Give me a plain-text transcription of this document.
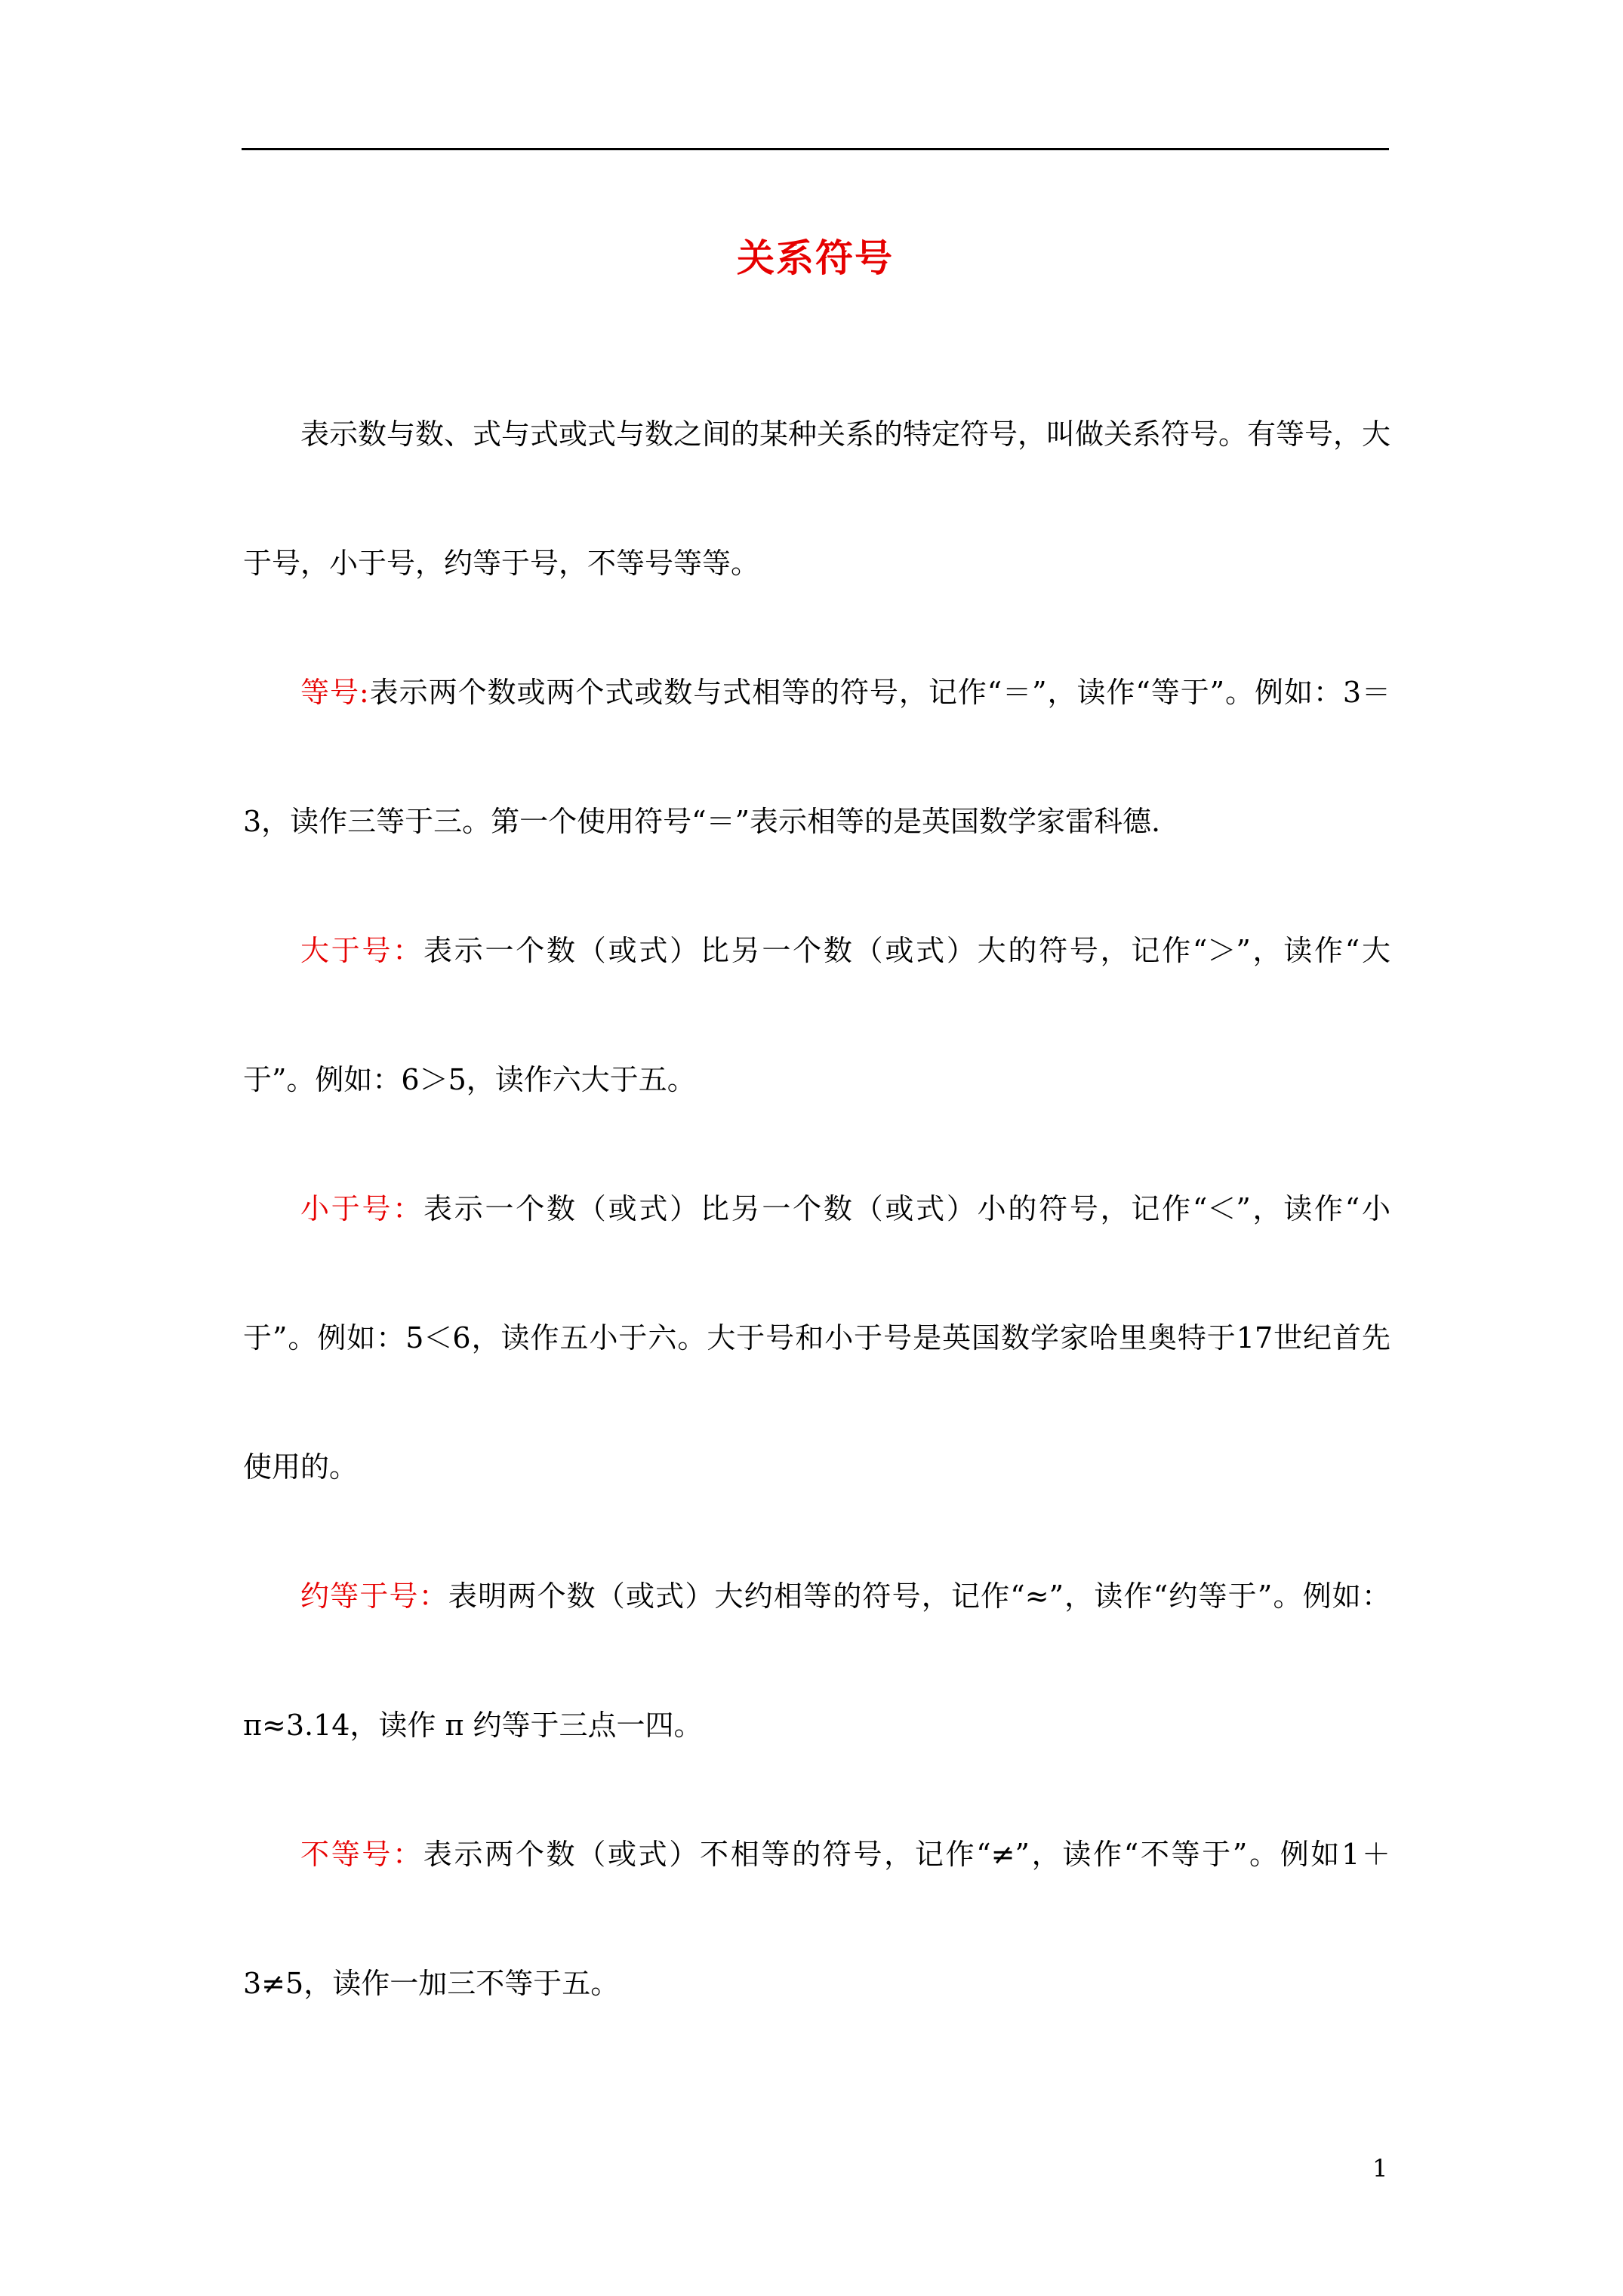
关系符号

表示数与数、式与式或式与数之间的某种关系的特定符号，叫做关系符号。有等号，大于号，小于号，约等于号，不等号等等。

等号:表示两个数或两个式或数与式相等的符号，记作“＝”，读作“等于”。例如：3＝3，读作三等于三。第一个使用符号“＝”表示相等的是英国数学家雷科德.

大于号：表示一个数（或式）比另一个数（或式）大的符号，记作“＞”，读作“大于”。例如：6＞5，读作六大于五。

小于号：表示一个数（或式）比另一个数（或式）小的符号，记作“＜”，读作“小于”。例如：5＜6，读作五小于六。大于号和小于号是英国数学家哈里奥特于17世纪首先使用的。

约等于号：表明两个数（或式）大约相等的符号，记作“≈”，读作“约等于”。例如：π≈3.14，读作 π 约等于三点一四。

不等号：表示两个数（或式）不相等的符号，记作“≠”，读作“不等于”。例如1＋3≠5，读作一加三不等于五。

1
